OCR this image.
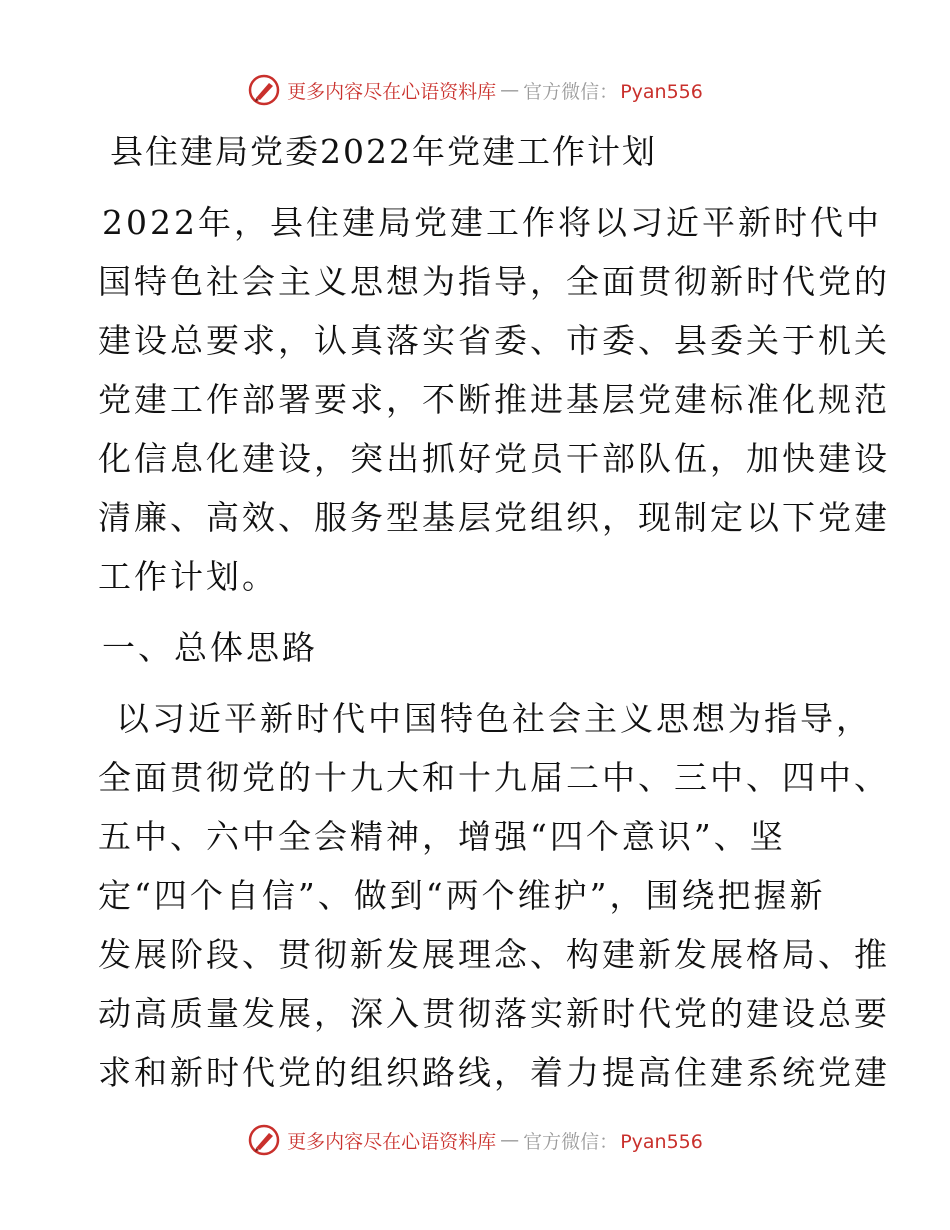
更多内容尽在心语资料库 — 官方微信： Pyan556
县住建局党委2022年党建工作计划
2022年，县住建局党建工作将以习近平新时代中
国特色社会主义思想为指导，全面贯彻新时代党的
建设总要求，认真落实省委、市委、县委关于机关
党建工作部署要求，不断推进基层党建标准化规范
化信息化建设，突出抓好党员干部队伍，加快建设
清廉、高效、服务型基层党组织，现制定以下党建
工作计划。
一、总体思路
以习近平新时代中国特色社会主义思想为指导，
全面贯彻党的十九大和十九届二中、三中、四中、
五中、六中全会精神，增强“四个意识”、坚
定“四个自信”、做到“两个维护”，围绕把握新
发展阶段、贯彻新发展理念、构建新发展格局、推
动高质量发展，深入贯彻落实新时代党的建设总要
求和新时代党的组织路线，着力提高住建系统党建
更多内容尽在心语资料库 — 官方微信： Pyan556
